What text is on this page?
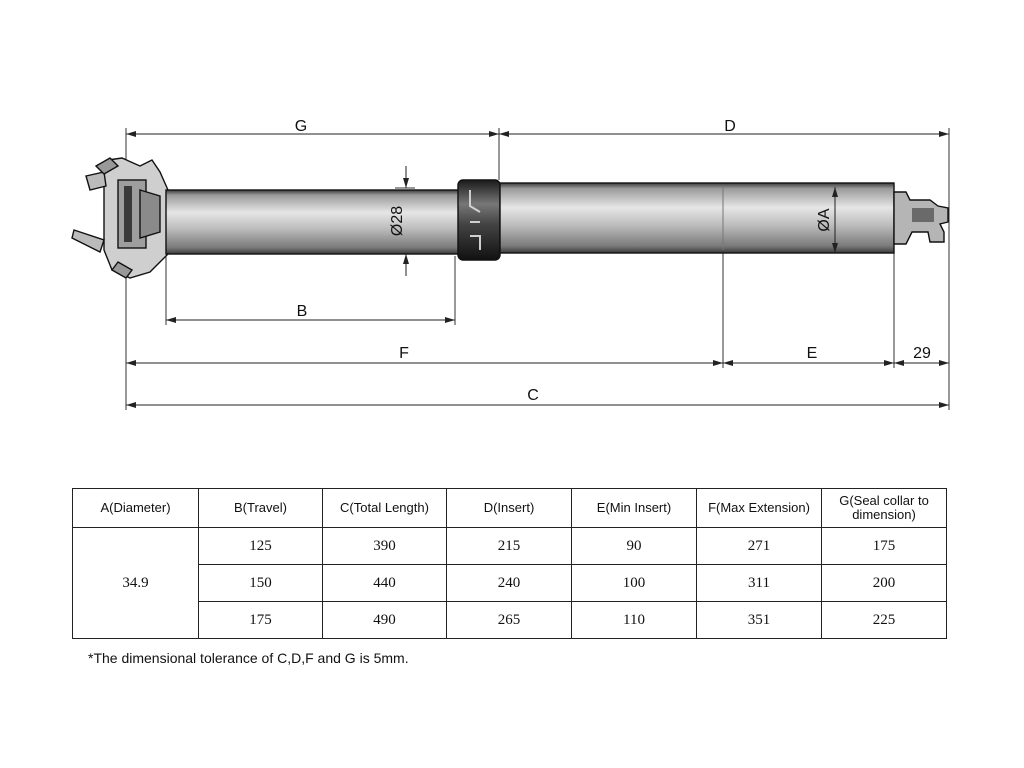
G	D
Ø28	ØA
B
F	E	29
C
A(Diameter)	B(Travel)	C(Total Length)	D(Insert)	E(Min Insert)	F(Max Extension)	G(Seal collar to dimension)
34.9	125	390	215	90	271	175
	150	440	240	100	311	200
	175	490	265	110	351	225
*The dimensional tolerance of C,D,F and G is 5mm.
